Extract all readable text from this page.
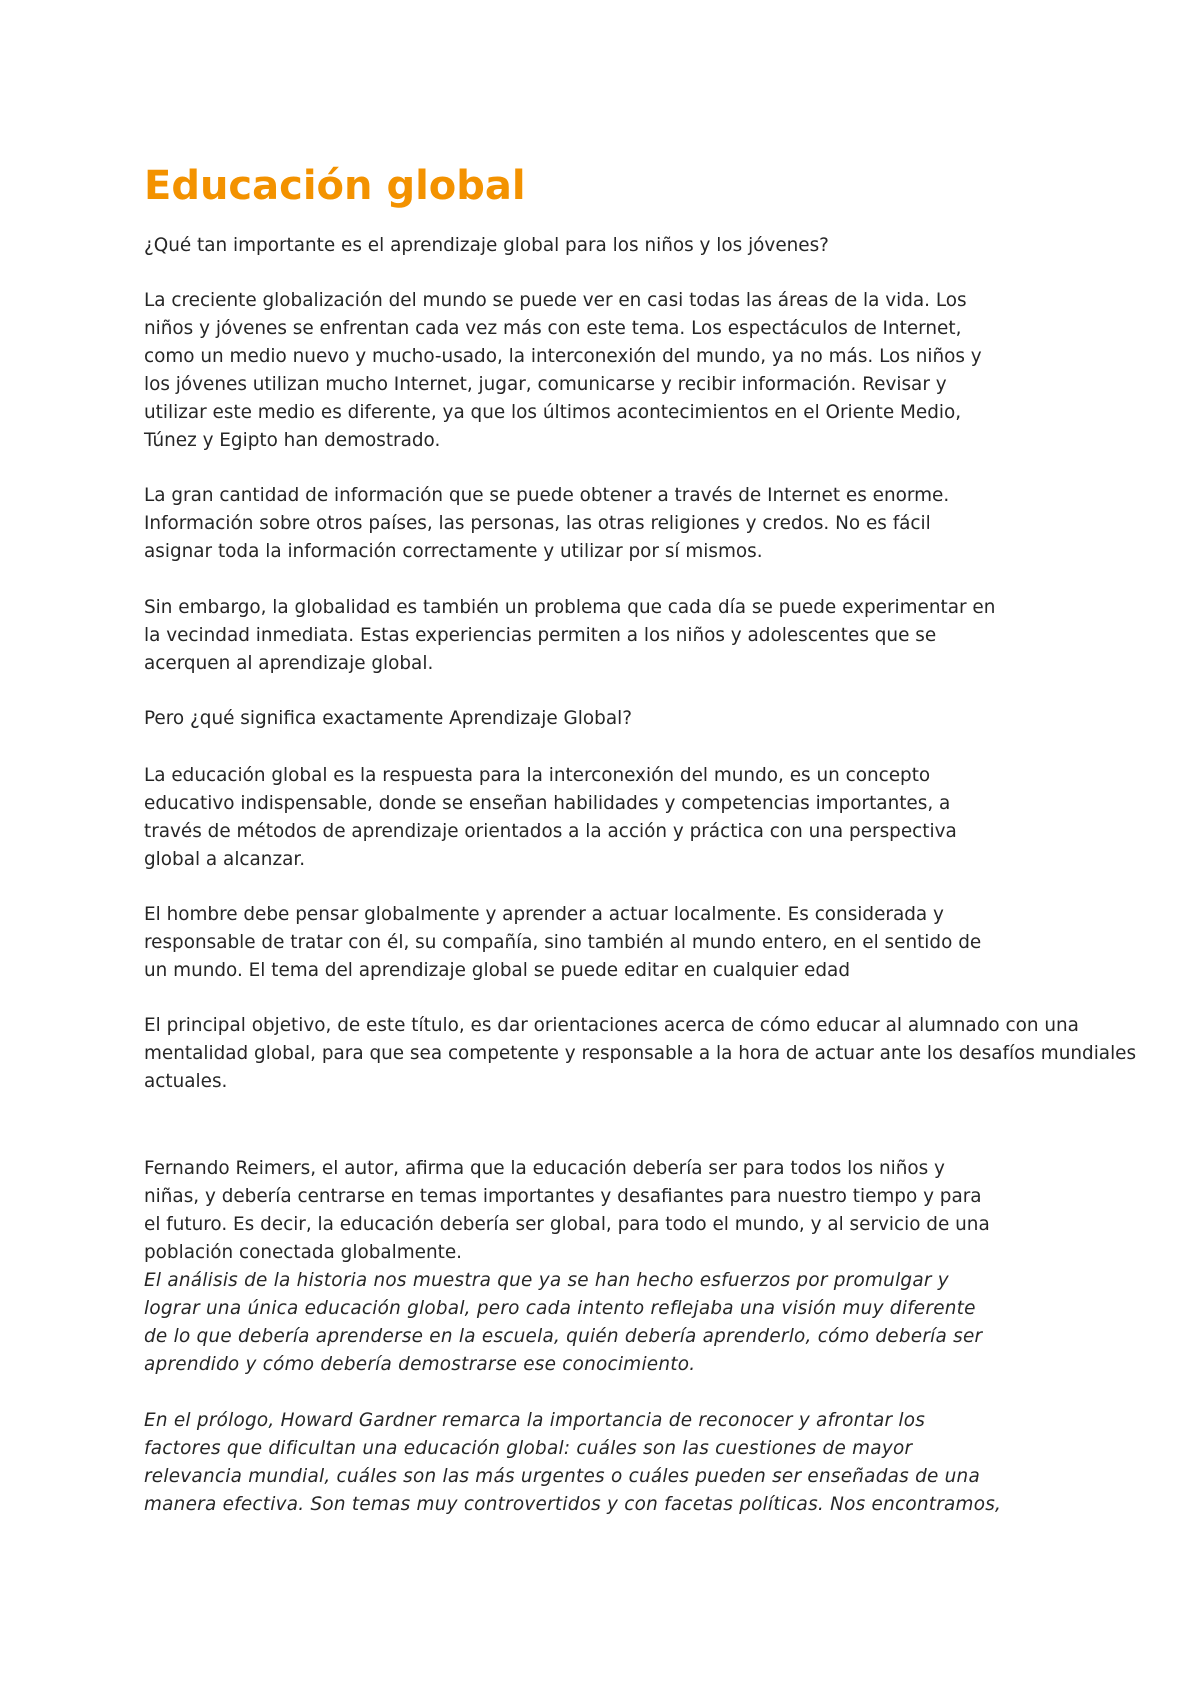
Educación global

¿Qué tan importante es el aprendizaje global para los niños y los jóvenes?

La creciente globalización del mundo se puede ver en casi todas las áreas de la vida. Los
niños y jóvenes se enfrentan cada vez más con este tema. Los espectáculos de Internet,
como un medio nuevo y mucho-usado, la interconexión del mundo, ya no más. Los niños y
los jóvenes utilizan mucho Internet, jugar, comunicarse y recibir información. Revisar y
utilizar este medio es diferente, ya que los últimos acontecimientos en el Oriente Medio,
Túnez y Egipto han demostrado.

La gran cantidad de información que se puede obtener a través de Internet es enorme.
Información sobre otros países, las personas, las otras religiones y credos. No es fácil
asignar toda la información correctamente y utilizar por sí mismos.

Sin embargo, la globalidad es también un problema que cada día se puede experimentar en
la vecindad inmediata. Estas experiencias permiten a los niños y adolescentes que se
acerquen al aprendizaje global.

Pero ¿qué significa exactamente Aprendizaje Global?

La educación global es la respuesta para la interconexión del mundo, es un concepto
educativo indispensable, donde se enseñan habilidades y competencias importantes, a
través de métodos de aprendizaje orientados a la acción y práctica con una perspectiva
global a alcanzar.

El hombre debe pensar globalmente y aprender a actuar localmente. Es considerada y
responsable de tratar con él, su compañía, sino también al mundo entero, en el sentido de
un mundo. El tema del aprendizaje global se puede editar en cualquier edad

El principal objetivo, de este título, es dar orientaciones acerca de cómo educar al alumnado con una
mentalidad global, para que sea competente y responsable a la hora de actuar ante los desafíos mundiales
actuales.

Fernando Reimers, el autor, afirma que la educación debería ser para todos los niños y
niñas, y debería centrarse en temas importantes y desafiantes para nuestro tiempo y para
el futuro. Es decir, la educación debería ser global, para todo el mundo, y al servicio de una
población conectada globalmente.

El análisis de la historia nos muestra que ya se han hecho esfuerzos por promulgar y
lograr una única educación global, pero cada intento reflejaba una visión muy diferente
de lo que debería aprenderse en la escuela, quién debería aprenderlo, cómo debería ser
aprendido y cómo debería demostrarse ese conocimiento.

En el prólogo, Howard Gardner remarca la importancia de reconocer y afrontar los
factores que dificultan una educación global: cuáles son las cuestiones de mayor
relevancia mundial, cuáles son las más urgentes o cuáles pueden ser enseñadas de una
manera efectiva. Son temas muy controvertidos y con facetas políticas. Nos encontramos,
